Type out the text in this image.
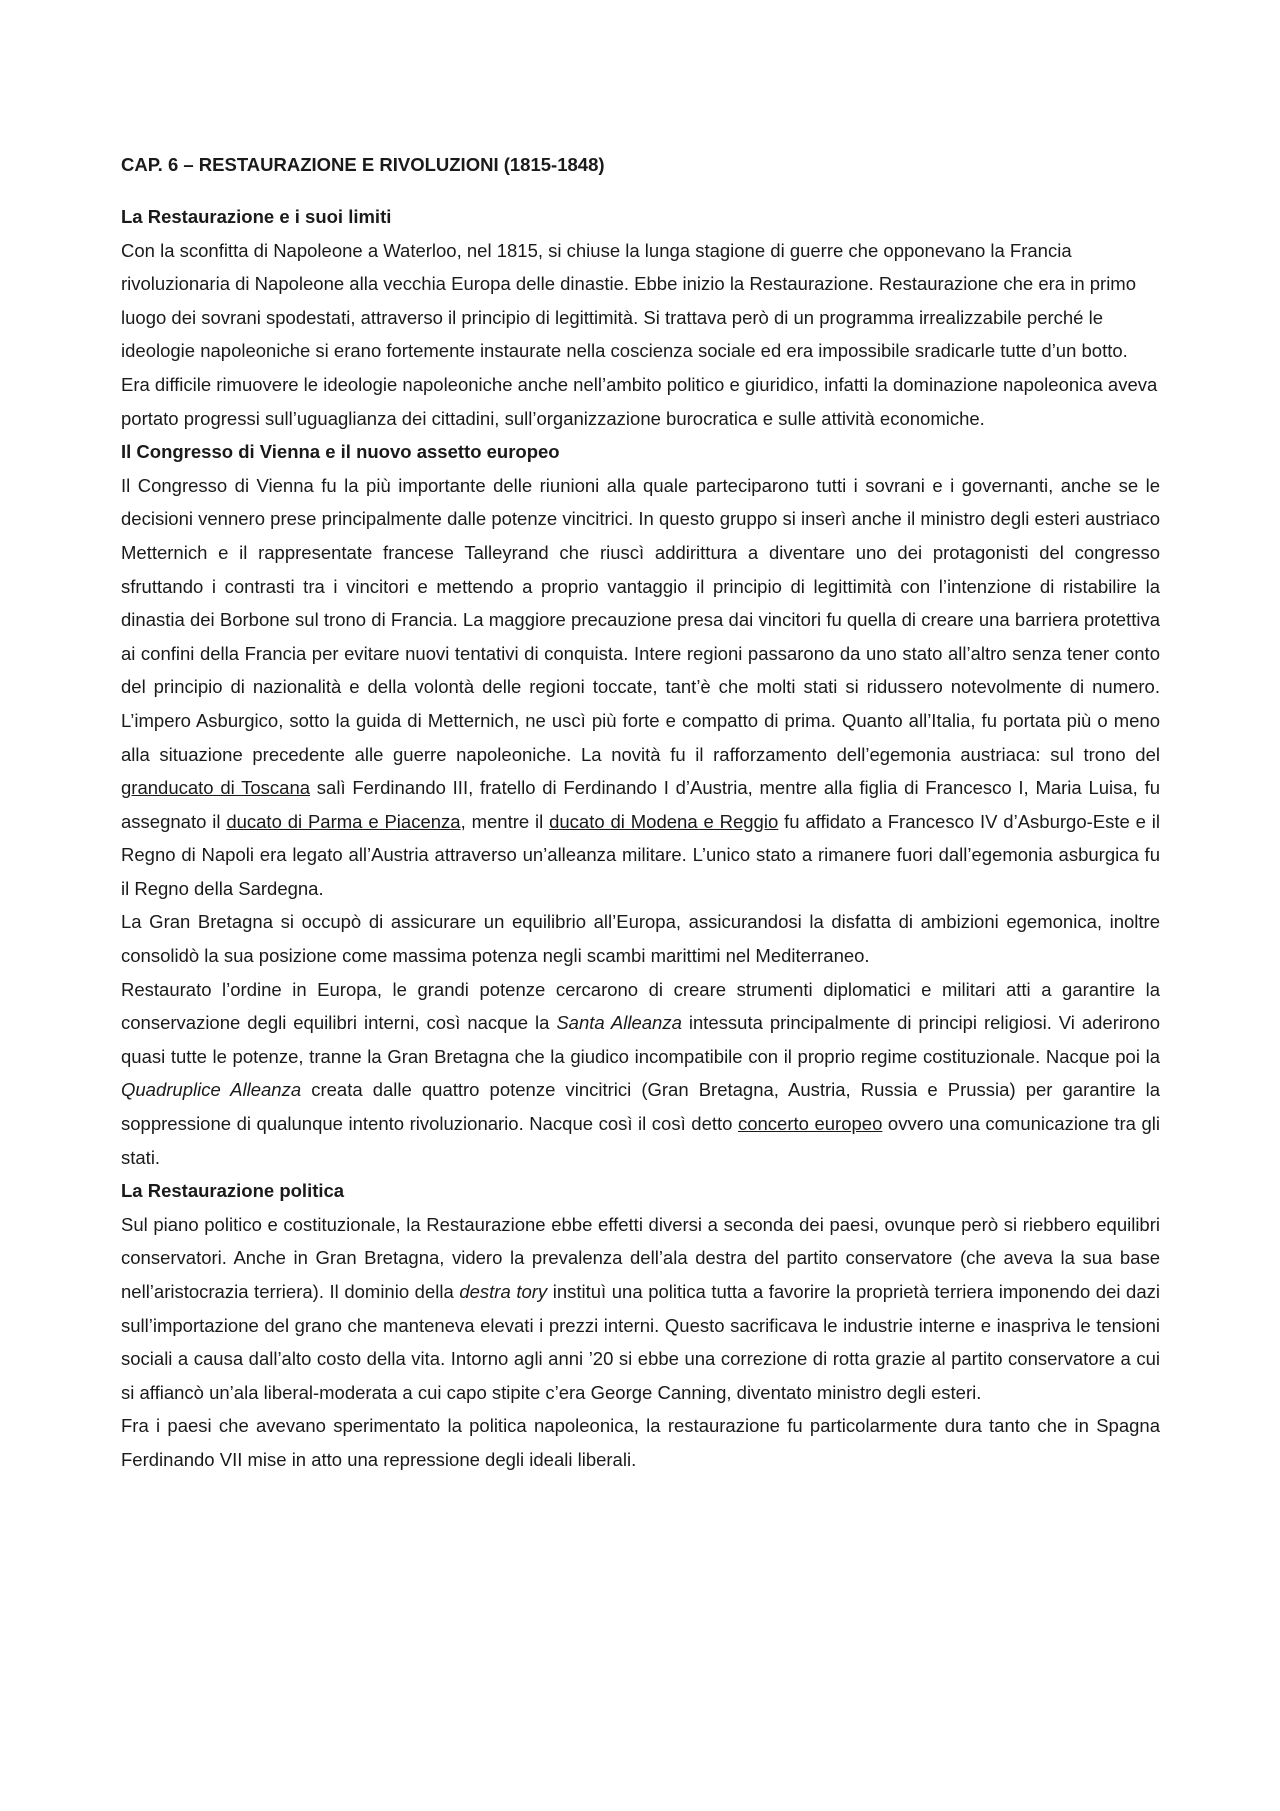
CAP. 6 – RESTAURAZIONE E RIVOLUZIONI (1815-1848)
La Restaurazione e i suoi limiti

Con la sconfitta di Napoleone a Waterloo, nel 1815, si chiuse la lunga stagione di guerre che opponevano la Francia rivoluzionaria di Napoleone alla vecchia Europa delle dinastie. Ebbe inizio la Restaurazione. Restaurazione che era in primo luogo dei sovrani spodestati, attraverso il principio di legittimità. Si trattava però di un programma irrealizzabile perché le ideologie napoleoniche si erano fortemente instaurate nella coscienza sociale ed era impossibile sradicarle tutte d’un botto. Era difficile rimuovere le ideologie napoleoniche anche nell’ambito politico e giuridico, infatti la dominazione napoleonica aveva portato progressi sull’uguaglianza dei cittadini, sull’organizzazione burocratica e sulle attività economiche.

Il Congresso di Vienna e il nuovo assetto europeo

Il Congresso di Vienna fu la più importante delle riunioni alla quale parteciparono tutti i sovrani e i governanti, anche se le decisioni vennero prese principalmente dalle potenze vincitrici. In questo gruppo si inserì anche il ministro degli esteri austriaco Metternich e il rappresentate francese Talleyrand che riuscì addirittura a diventare uno dei protagonisti del congresso sfruttando i contrasti tra i vincitori e mettendo a proprio vantaggio il principio di legittimità con l’intenzione di ristabilire la dinastia dei Borbone sul trono di Francia. La maggiore precauzione presa dai vincitori fu quella di creare una barriera protettiva ai confini della Francia per evitare nuovi tentativi di conquista. Intere regioni passarono da uno stato all’altro senza tener conto del principio di nazionalità e della volontà delle regioni toccate, tant’è che molti stati si ridussero notevolmente di numero. L’impero Asburgico, sotto la guida di Metternich, ne uscì più forte e compatto di prima. Quanto all’Italia, fu portata più o meno alla situazione precedente alle guerre napoleoniche. La novità fu il rafforzamento dell’egemonia austriaca: sul trono del granducato di Toscana salì Ferdinando III, fratello di Ferdinando I d’Austria, mentre alla figlia di Francesco I, Maria Luisa, fu assegnato il ducato di Parma e Piacenza, mentre il ducato di Modena e Reggio fu affidato a Francesco IV d’Asburgo-Este e il Regno di Napoli era legato all’Austria attraverso un’alleanza militare. L’unico stato a rimanere fuori dall’egemonia asburgica fu il Regno della Sardegna.

La Gran Bretagna si occupò di assicurare un equilibrio all’Europa, assicurandosi la disfatta di ambizioni egemonica, inoltre consolidò la sua posizione come massima potenza negli scambi marittimi nel Mediterraneo.

Restaurato l’ordine in Europa, le grandi potenze cercarono di creare strumenti diplomatici e militari atti a garantire la conservazione degli equilibri interni, così nacque la Santa Alleanza intessuta principalmente di principi religiosi. Vi aderirono quasi tutte le potenze, tranne la Gran Bretagna che la giudico incompatibile con il proprio regime costituzionale. Nacque poi la Quadruplice Alleanza creata dalle quattro potenze vincitrici (Gran Bretagna, Austria, Russia e Prussia) per garantire la soppressione di qualunque intento rivoluzionario. Nacque così il così detto concerto europeo ovvero una comunicazione tra gli stati.

La Restaurazione politica

Sul piano politico e costituzionale, la Restaurazione ebbe effetti diversi a seconda dei paesi, ovunque però si riebbero equilibri conservatori. Anche in Gran Bretagna, videro la prevalenza dell’ala destra del partito conservatore (che aveva la sua base nell’aristocrazia terriera). Il dominio della destra tory instituì una politica tutta a favorire la proprietà terriera imponendo dei dazi sull’importazione del grano che manteneva elevati i prezzi interni. Questo sacrificava le industrie interne e inaspriva le tensioni sociali a causa dall’alto costo della vita. Intorno agli anni ’20 si ebbe una correzione di rotta grazie al partito conservatore a cui si affiancò un’ala liberal-moderata a cui capo stipite c’era George Canning, diventato ministro degli esteri.

Fra i paesi che avevano sperimentato la politica napoleonica, la restaurazione fu particolarmente dura tanto che in Spagna Ferdinando VII mise in atto una repressione degli ideali liberali.
